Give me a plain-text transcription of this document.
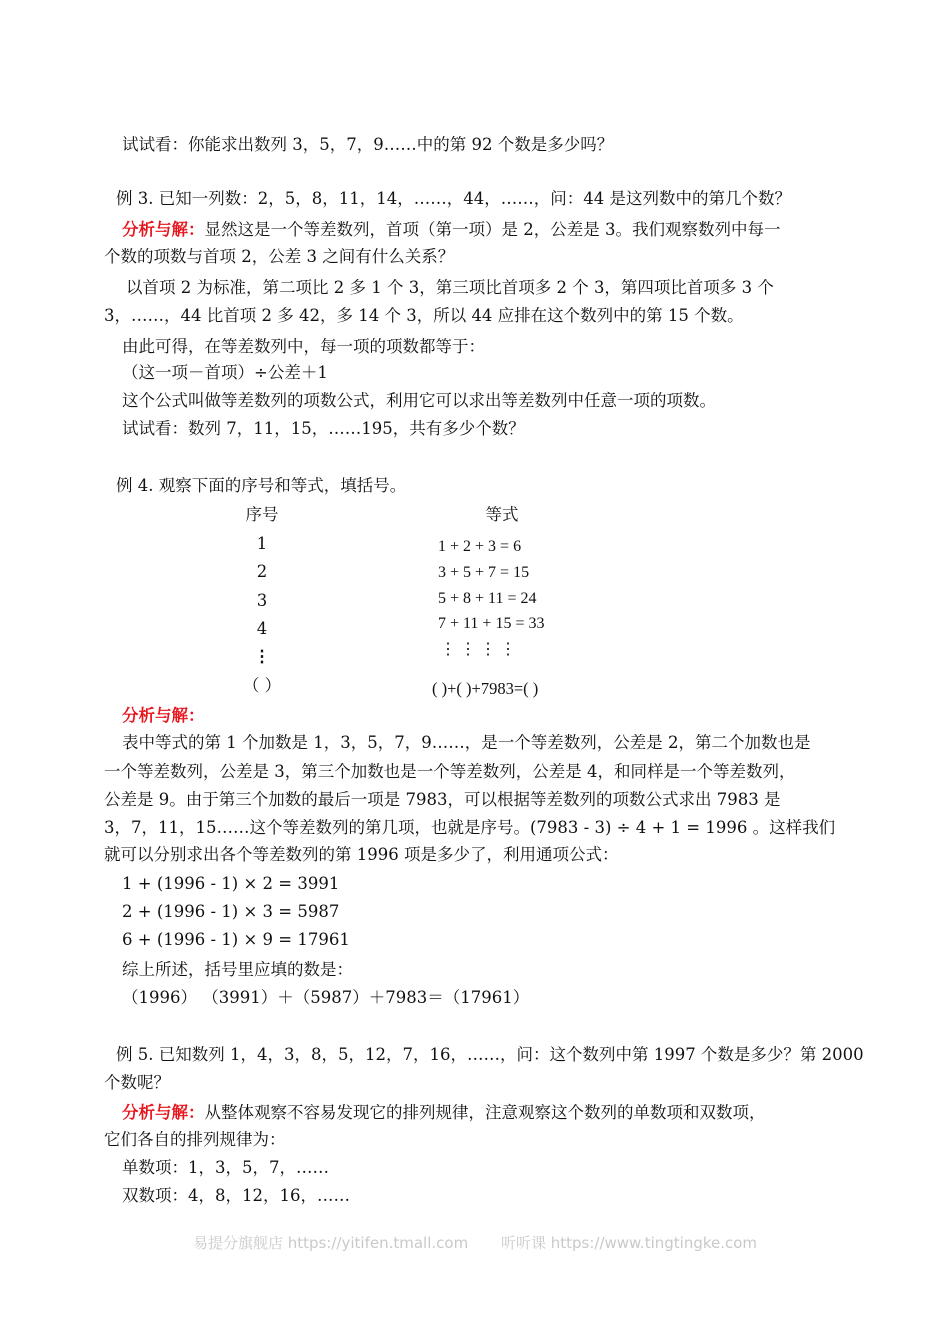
试试看：你能求出数列 3，5，7，9……中的第 92 个数是多少吗？
例 3. 已知一列数：2，5，8，11，14，……，44，……，问：44 是这列数中的第几个数？
分析与解：显然这是一个等差数列，首项（第一项）是 2，公差是 3。我们观察数列中每一
个数的项数与首项 2，公差 3 之间有什么关系？
以首项 2 为标准，第二项比 2 多 1 个 3，第三项比首项多 2 个 3，第四项比首项多 3 个
3，……，44 比首项 2 多 42，多 14 个 3，所以 44 应排在这个数列中的第 15 个数。
由此可得，在等差数列中，每一项的项数都等于：
（这一项－首项）÷公差＋1
这个公式叫做等差数列的项数公式，利用它可以求出等差数列中任意一项的项数。
试试看：数列 7，11，15，……195，共有多少个数？
例 4. 观察下面的序号和等式，填括号。
序号	等式
1
2
3
4
⋮
（ ）
1 + 2 + 3 = 6
3 + 5 + 7 = 15
5 + 8 + 11 = 24
7 + 11 + 15 = 33
⋮ ⋮ ⋮ ⋮
( )+( )+7983=( )
分析与解：
表中等式的第 1 个加数是 1，3，5，7，9……，是一个等差数列，公差是 2，第二个加数也是
一个等差数列，公差是 3，第三个加数也是一个等差数列，公差是 4，和同样是一个等差数列，
公差是 9。由于第三个加数的最后一项是 7983，可以根据等差数列的项数公式求出 7983 是
3，7，11，15……这个等差数列的第几项，也就是序号。(7983 - 3) ÷ 4 + 1 = 1996 。这样我们
就可以分别求出各个等差数列的第 1996 项是多少了，利用通项公式：
1 + (1996 - 1) × 2 = 3991
2 + (1996 - 1) × 3 = 5987
6 + (1996 - 1) × 9 = 17961
综上所述，括号里应填的数是：
（1996） （3991）＋（5987）＋7983＝（17961）
例 5. 已知数列 1，4，3，8，5，12，7，16，……，问：这个数列中第 1997 个数是多少？第 2000
个数呢？
分析与解：从整体观察不容易发现它的排列规律，注意观察这个数列的单数项和双数项，
它们各自的排列规律为：
单数项：1，3，5，7，……
双数项：4，8，12，16，……
易提分旗舰店 https://yitifen.tmall.com 听听课 https://www.tingtingke.com
